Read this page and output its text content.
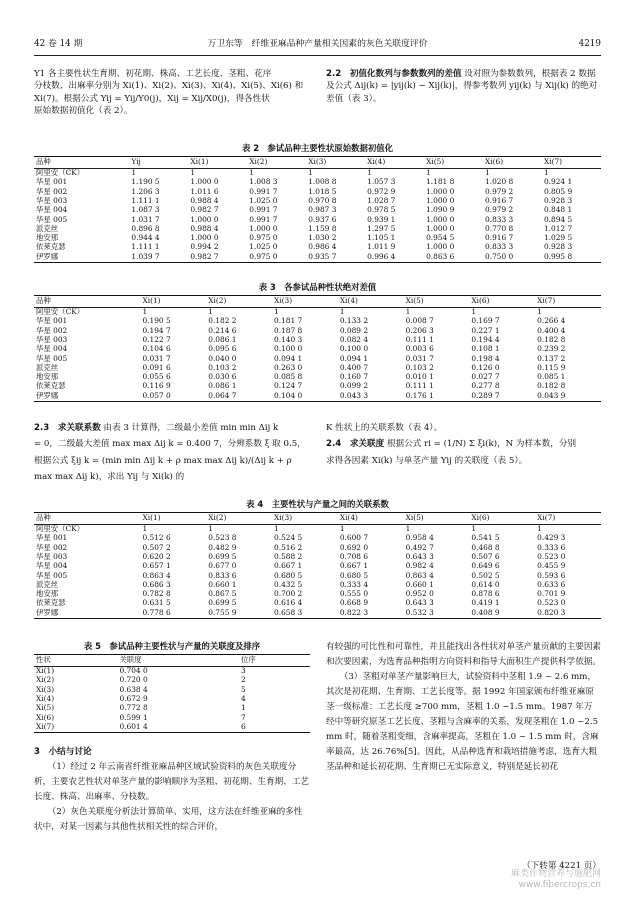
42 卷 14 期	万卫东等　纤维亚麻品种产量相关因素的灰色关联度评价	4219

Y1 各主要性状生育期、初花期、株高、工艺长度、茎粗、花序

分枝数、出麻率分别为 Xi(1)、Xi(2)、Xi(3)、Xi(4)、Xi(5)、Xi(6) 和

Xi(7)。根据公式 Yij = Yij/Y0(j)，Xij = Xij/X0(j)，得各性状

原始数据初值化（表 2）。

2.2　初值化数列与参数数列的差值 设对照为参数数列，根据表 2 数据及公式 Δij(k) = |yij(k) − Xij(k)|，得参考数列 yij(k) 与 Xij(k) 的绝对差值（表 3）。
表 2　参试品种主要性状原始数据初值化
品种	Yij	Xi(1)	Xi(2)	Xi(3)	Xi(4)	Xi(5)	Xi(6)	Xi(7)
阿里安（CK）	1	1	1	1	1	1	1	1
华星 001	1.190 5	1.000 0	1.008 3	1.008 8	1.057 3	1.181 8	1.020 8	0.924 1
华星 002	1.206 3	1.011 6	0.991 7	1.018 5	0.972 9	1.000 0	0.979 2	0.805 9
华星 003	1.111 1	0.988 4	1.025 0	0.970 8	1.028 7	1.000 0	0.916 7	0.928 3
华星 004	1.087 3	0.982 7	0.991 7	0.987 3	0.978 5	1.090 9	0.979 2	0.848 1
华星 005	1.031 7	1.000 0	0.991 7	0.937 6	0.939 1	1.000 0	0.833 3	0.894 5
派克丝	0.896 8	0.988 4	1.000 0	1.159 8	1.297 5	1.000 0	0.770 8	1.012 7
地安那	0.944 4	1.000 0	0.975 0	1.030 2	1.105 1	0.954 5	0.916 7	1.029 5
依莱克瑟	1.111 1	0.994 2	1.025 0	0.986 4	1.011 9	1.000 0	0.833 3	0.928 3
伊罗娜	1.039 7	0.982 7	0.975 0	0.935 7	0.996 4	0.863 6	0.750 0	0.995 8
表 3　各参试品种性状绝对差值
品种	Xi(1)	Xi(2)	Xi(3)	Xi(4)	Xi(5)	Xi(6)	Xi(7)
阿里安（CK）	1	1	1	1	1	1	1
华星 001	0.190 5	0.182 2	0.181 7	0.133 2	0.008 7	0.169 7	0.266 4
华星 002	0.194 7	0.214 6	0.187 8	0.089 2	0.206 3	0.227 1	0.400 4
华星 003	0.122 7	0.086 1	0.140 3	0.082 4	0.111 1	0.194 4	0.182 8
华星 004	0.104 6	0.095 6	0.100 0	0.100 0	0.003 6	0.108 1	0.239 2
华星 005	0.031 7	0.040 0	0.094 1	0.094 1	0.031 7	0.198 4	0.137 2
派克丝	0.091 6	0.103 2	0.263 0	0.400 7	0.103 2	0.126 0	0.115 9
地安那	0.055 6	0.030 6	0.085 8	0.160 7	0.010 1	0.027 7	0.085 1
依莱克瑟	0.116 9	0.086 1	0.124 7	0.099 2	0.111 1	0.277 8	0.182 8
伊罗娜	0.057 0	0.064 7	0.104 0	0.043 3	0.176 1	0.289 7	0.043 9
2.3　求关联系数 由表 3 计算得，二级最小差值 min min Δij k

= 0，二级最大差值 max max Δij k = 0.400 7，分辨系数 ξ 取 0.5，

根据公式 ξij k = (min min Δij k + ρ max max Δij k)/(Δij k + ρ max max Δij k)，求出 Yij 与 Xi(k) 的

K 性状上的关联系数（表 4）。

2.4　求关联度 根据公式 ri = (1/N) Σ ξi(k)，N 为样本数，分别

求得各因素 Xi(k) 与单茎产量 Yij 的关联度（表 5）。

表 4　主要性状与产量之间的关联系数
品种	Xi(1)	Xi(2)	Xi(3)	Xi(4)	Xi(5)	Xi(6)	Xi(7)
阿里安（CK）	1	1	1	1	1	1	1
华星 001	0.512 6	0.523 8	0.524 5	0.600 7	0.958 4	0.541 5	0.429 3
华星 002	0.507 2	0.482 9	0.516 2	0.692 0	0.492 7	0.468 8	0.333 6
华星 003	0.620 2	0.699 5	0.588 2	0.708 6	0.643 3	0.507 6	0.523 0
华星 004	0.657 1	0.677 0	0.667 1	0.667 1	0.982 4	0.649 6	0.455 9
华星 005	0.863 4	0.833 6	0.680 5	0.680 5	0.863 4	0.502 5	0.593 6
派克丝	0.686 3	0.660 1	0.432 5	0.333 4	0.660 1	0.614 0	0.633 6
地安那	0.782 8	0.867 5	0.700 2	0.555 0	0.952 0	0.878 6	0.701 9
依莱克瑟	0.631 5	0.699 5	0.616 4	0.668 9	0.643 3	0.419 1	0.523 0
伊罗娜	0.778 6	0.755 9	0.658 3	0.822 3	0.532 3	0.408 9	0.820 3
表 5　参试品种主要性状与产量的关联度及排序
性状	关联度	位序
Xi(1)	0.704 0	3
Xi(2)	0.720 0	2
Xi(3)	0.638 4	5
Xi(4)	0.672 9	4
Xi(5)	0.772 8	1
Xi(6)	0.599 1	7
Xi(7)	0.601 4	6

3　小结与讨论

（1）经过 2 年云南省纤维亚麻品种区域试验资料的灰色关联度分析，主要农艺性状对单茎产量的影响顺序为茎粗、初花期、生育期、工艺长度、株高、出麻率、分枝数。

（2）灰色关联度分析法计算简单、实用，这方法在纤维亚麻的多性状中，对某一因素与其他性状相关性的综合评价，

有较强的可比性和可靠性，并且能找出各性状对单茎产量贡献的主要因素和次要因素，为选育品种指明方向资料和指导大面积生产提供科学依据。

（3）茎粗对单茎产量影响巨大，试验资料中茎粗 1.9 ~ 2.6 mm，其次是初花期、生育期、工艺长度等。据 1992 年国家颁布纤维亚麻原茎一级标准：工艺长度 ≥700 mm，茎粗 1.0 ~1.5 mm。1987 年万经中等研究原茎工艺长度、茎粗与含麻率的关系，发现茎粗在 1.0 ~2.5 mm 时，随着茎粗变细，含麻率提高，茎粗在 1.0 ~ 1.5 mm 时，含麻率最高，达 26.76%[5]。因此，从品种选育和栽培措施考虑，选育大粗茎品种和延长初花期、生育期已无实际意义，特别是延长初花

（下转第 4221 页）
麻类作物营养与施肥网
www.fibercrops.cn
